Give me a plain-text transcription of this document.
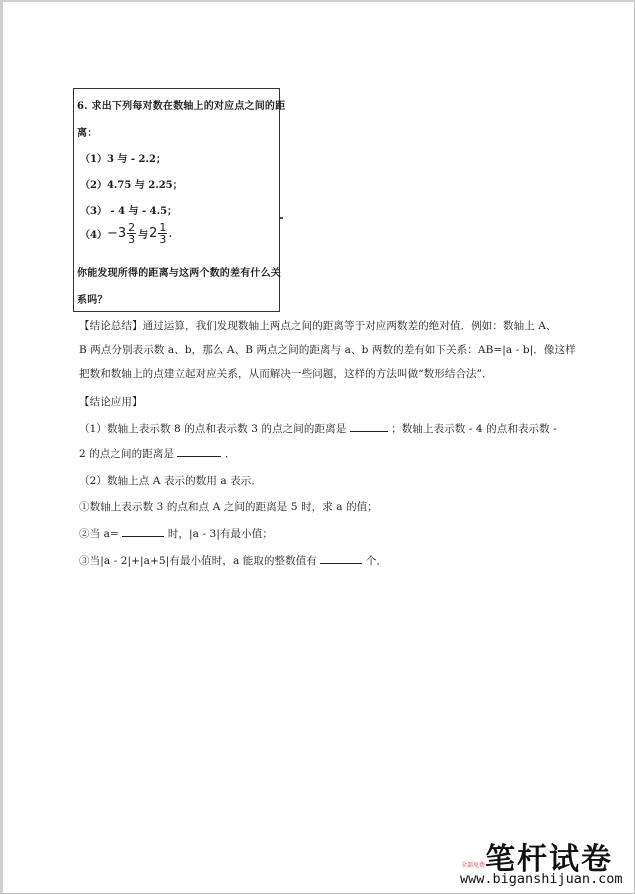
6. 求出下列每对数在数轴上的对应点之间的距
离：
（1）3 与 - 2.2；
（2）4.75 与 2.25；
（3） - 4 与 - 4.5；
$(4) -3 \frac{2}{3}$ 与 $2 \frac{1}{3}$ .
你能发现所得的距离与这两个数的差有什么关
系吗？
【结论总结】通过运算，我们发现数轴上两点之间的距离等于对应两数差的绝对值．例如：数轴上 A、
B 两点分别表示数 a、b，那么 A、B 两点之间的距离与 a、b 两数的差有如下关系：AB=|a - b|．像这样
把数和数轴上的点建立起对应关系，从而解决一些问题，这样的方法叫做“数形结合法”．
【结论应用】
（1）数轴上表示数 8 的点和表示数 3 的点之间的距离是	；数轴上表示数 - 4 的点和表示数 -
2 的点之间的距离是	．
（2）数轴上点 A 表示的数用 a 表示．
①数轴上表示数 3 的点和点 A 之间的距离是 5 时，求 a 的值；
②当 a=	时，|a - 3|有最小值；
③当|a - 2|+|a+5|有最小值时，a 能取的整数值有	个．
笔杆试卷
全部免费
www.biganshijuan.com
